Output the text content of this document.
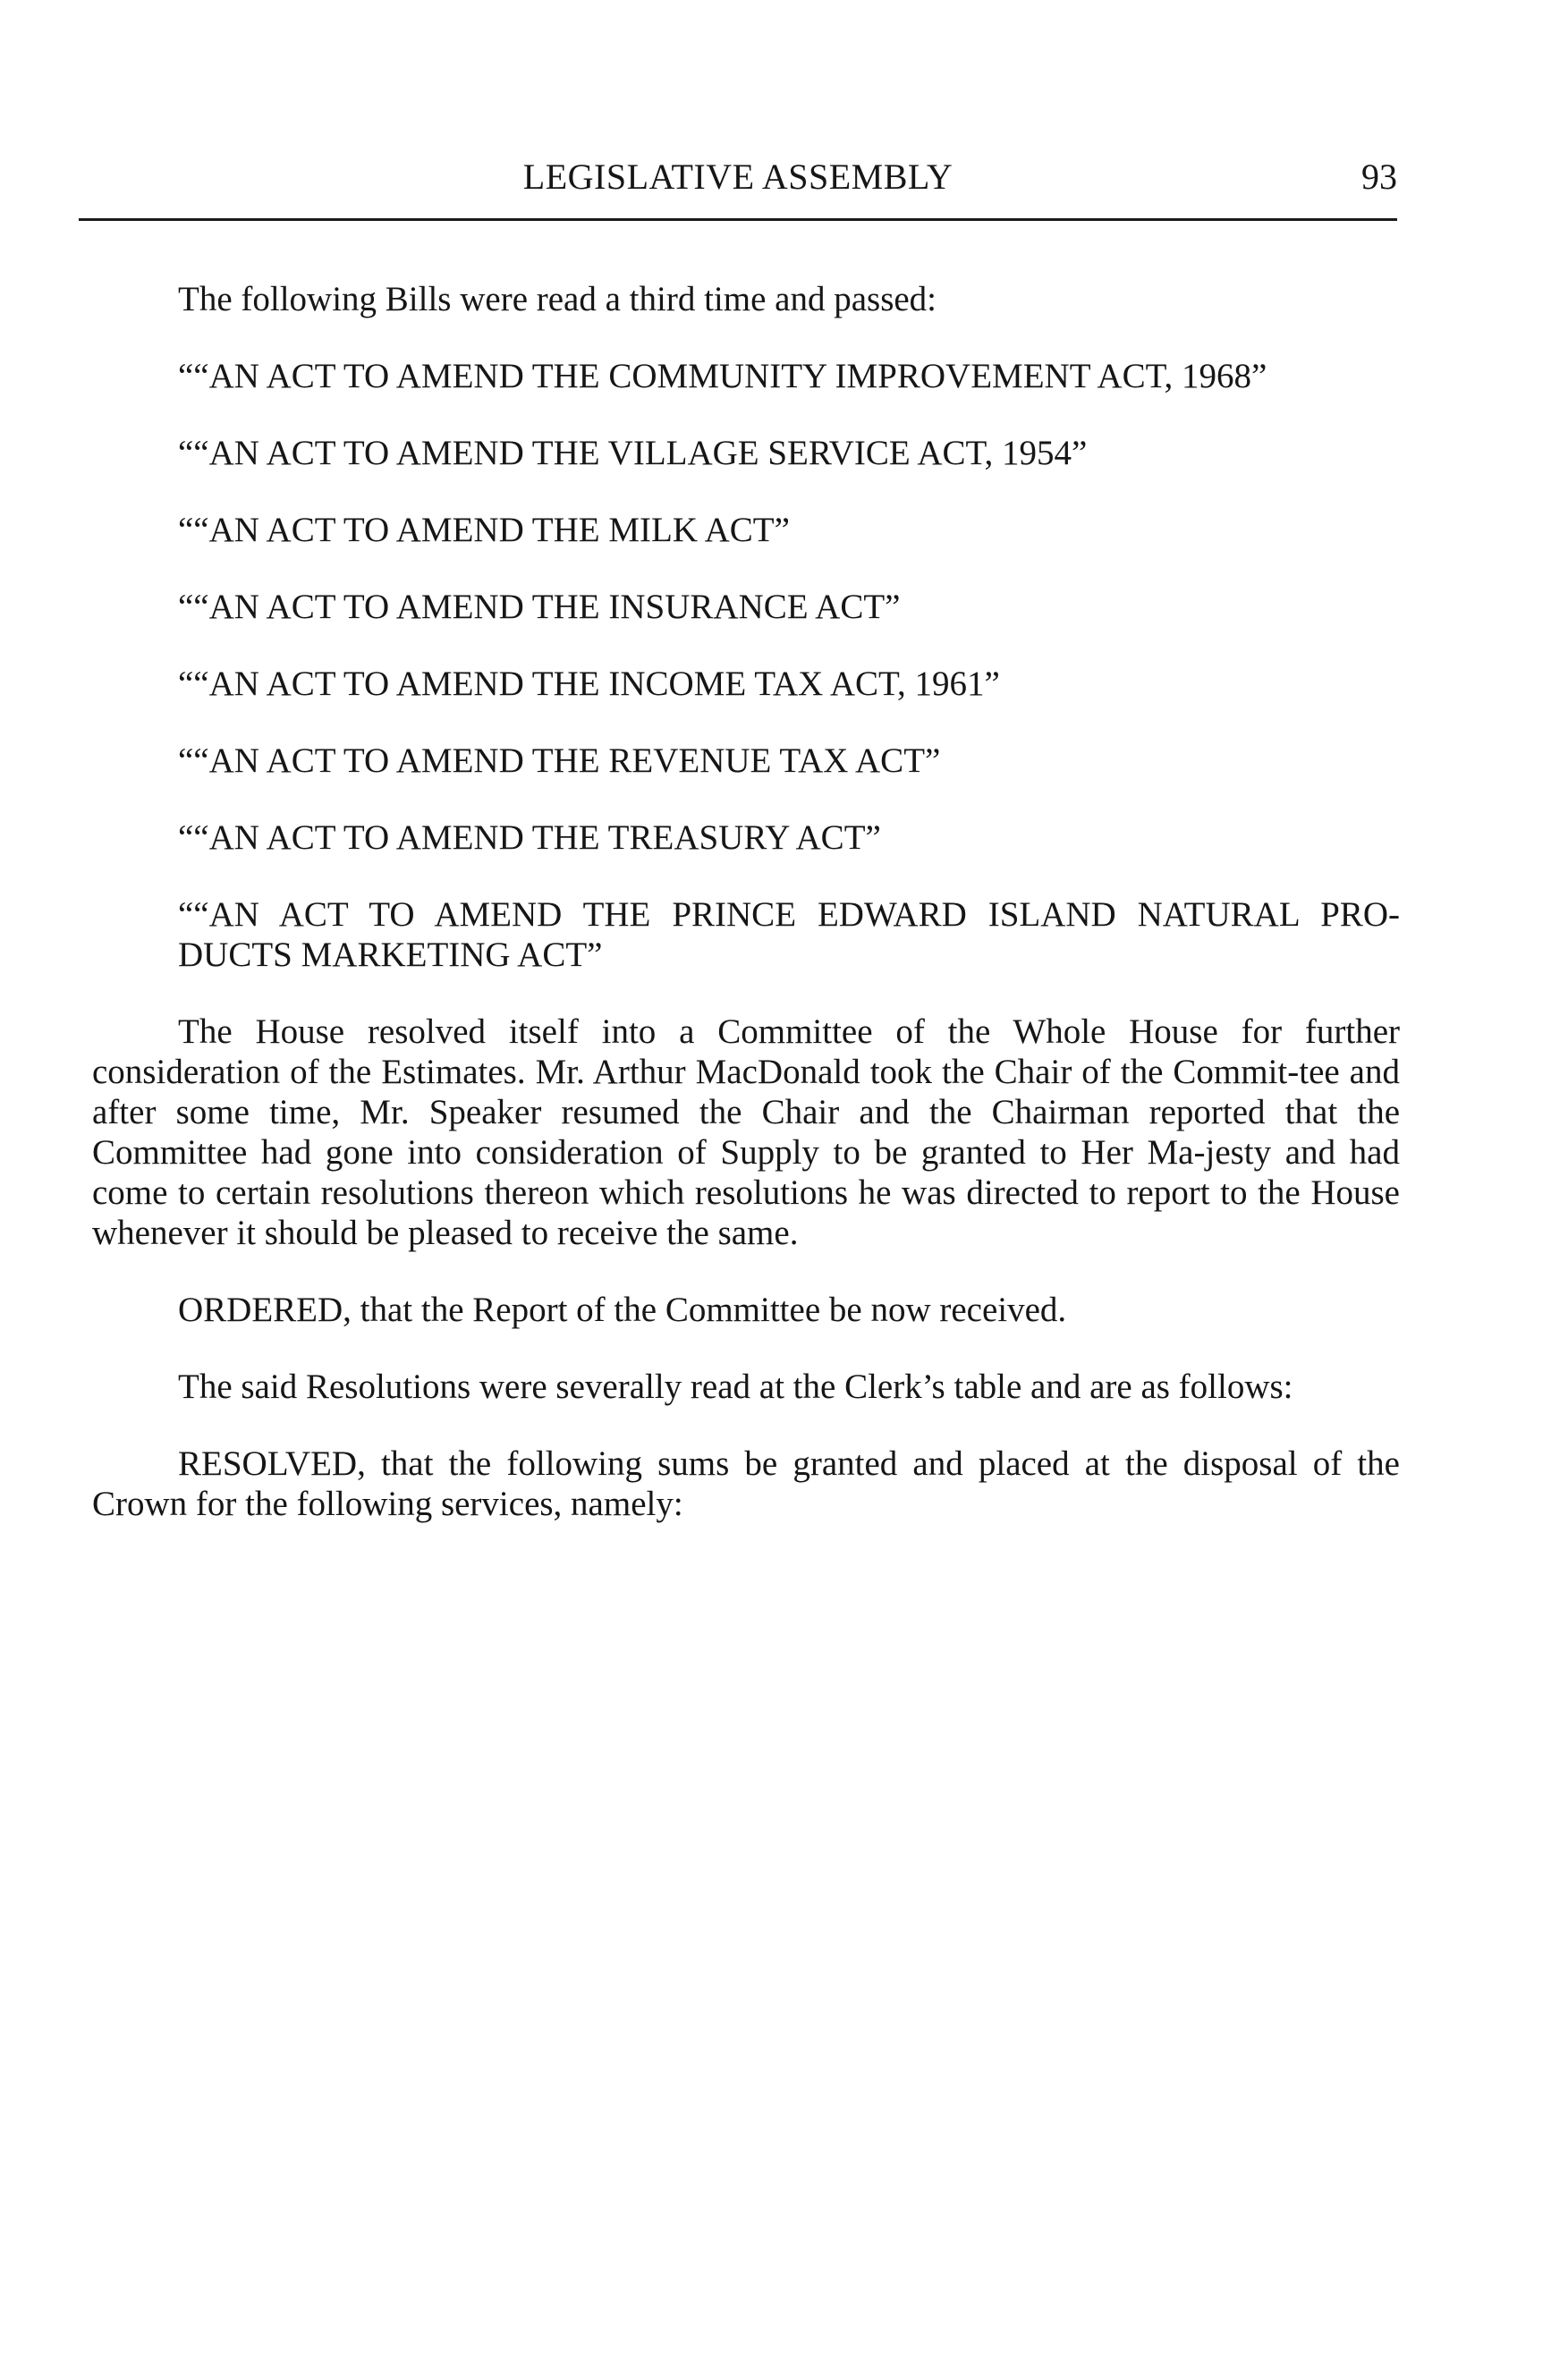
LEGISLATIVE ASSEMBLY	93

The following Bills were read a third time and passed:

““AN ACT TO AMEND THE COMMUNITY IMPROVEMENT ACT, 1968”
““AN ACT TO AMEND THE VILLAGE SERVICE ACT, 1954”
““AN ACT TO AMEND THE MILK ACT”
““AN ACT TO AMEND THE INSURANCE ACT”
““AN ACT TO AMEND THE INCOME TAX ACT, 1961”
““AN ACT TO AMEND THE REVENUE TAX ACT”
““AN ACT TO AMEND THE TREASURY ACT”
““AN ACT TO AMEND THE PRINCE EDWARD ISLAND NATURAL PRO-DUCTS MARKETING ACT”

The House resolved itself into a Committee of the Whole House for further consideration of the Estimates. Mr. Arthur MacDonald took the Chair of the Commit-tee and after some time, Mr. Speaker resumed the Chair and the Chairman reported that the Committee had gone into consideration of Supply to be granted to Her Ma-jesty and had come to certain resolutions thereon which resolutions he was directed to report to the House whenever it should be pleased to receive the same.

ORDERED, that the Report of the Committee be now received.

The said Resolutions were severally read at the Clerk’s table and are as follows:

RESOLVED, that the following sums be granted and placed at the disposal of the Crown for the following services, namely:
